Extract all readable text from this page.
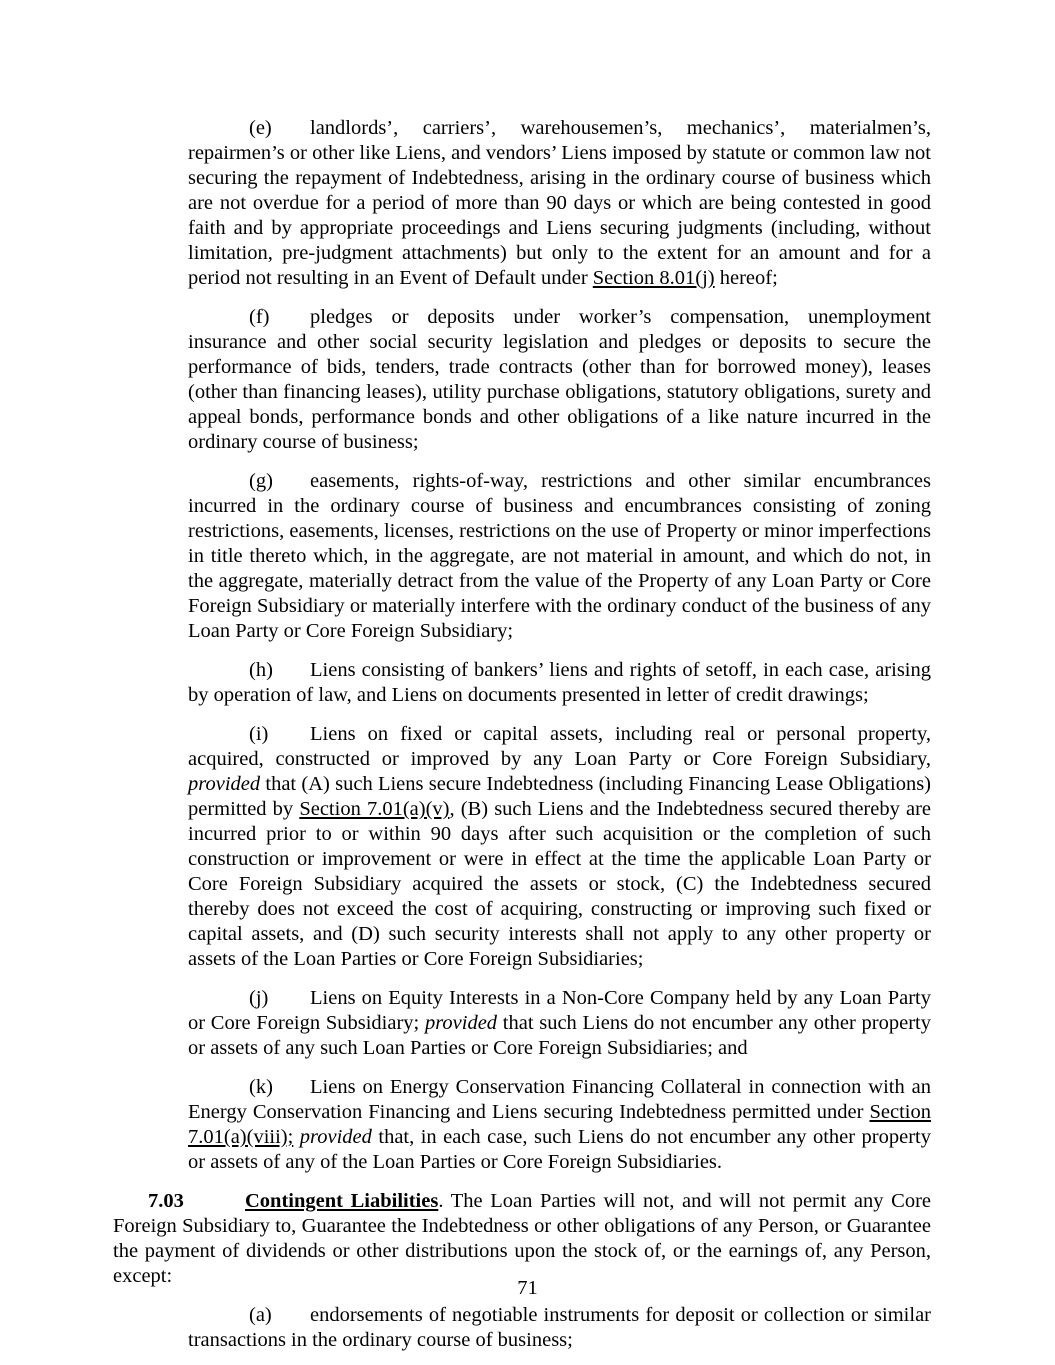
(e) landlords’, carriers’, warehousemen’s, mechanics’, materialmen’s, repairmen’s or other like Liens, and vendors’ Liens imposed by statute or common law not securing the repayment of Indebtedness, arising in the ordinary course of business which are not overdue for a period of more than 90 days or which are being contested in good faith and by appropriate proceedings and Liens securing judgments (including, without limitation, pre-judgment attachments) but only to the extent for an amount and for a period not resulting in an Event of Default under Section 8.01(j) hereof;

(f) pledges or deposits under worker’s compensation, unemployment insurance and other social security legislation and pledges or deposits to secure the performance of bids, tenders, trade contracts (other than for borrowed money), leases (other than financing leases), utility purchase obligations, statutory obligations, surety and appeal bonds, performance bonds and other obligations of a like nature incurred in the ordinary course of business;

(g) easements, rights-of-way, restrictions and other similar encumbrances incurred in the ordinary course of business and encumbrances consisting of zoning restrictions, easements, licenses, restrictions on the use of Property or minor imperfections in title thereto which, in the aggregate, are not material in amount, and which do not, in the aggregate, materially detract from the value of the Property of any Loan Party or Core Foreign Subsidiary or materially interfere with the ordinary conduct of the business of any Loan Party or Core Foreign Subsidiary;

(h) Liens consisting of bankers’ liens and rights of setoff, in each case, arising by operation of law, and Liens on documents presented in letter of credit drawings;

(i) Liens on fixed or capital assets, including real or personal property, acquired, constructed or improved by any Loan Party or Core Foreign Subsidiary, provided that (A) such Liens secure Indebtedness (including Financing Lease Obligations) permitted by Section 7.01(a)(v), (B) such Liens and the Indebtedness secured thereby are incurred prior to or within 90 days after such acquisition or the completion of such construction or improvement or were in effect at the time the applicable Loan Party or Core Foreign Subsidiary acquired the assets or stock, (C) the Indebtedness secured thereby does not exceed the cost of acquiring, constructing or improving such fixed or capital assets, and (D) such security interests shall not apply to any other property or assets of the Loan Parties or Core Foreign Subsidiaries;

(j) Liens on Equity Interests in a Non-Core Company held by any Loan Party or Core Foreign Subsidiary; provided that such Liens do not encumber any other property or assets of any such Loan Parties or Core Foreign Subsidiaries; and

(k) Liens on Energy Conservation Financing Collateral in connection with an Energy Conservation Financing and Liens securing Indebtedness permitted under Section 7.01(a)(viii); provided that, in each case, such Liens do not encumber any other property or assets of any of the Loan Parties or Core Foreign Subsidiaries.

7.03	Contingent Liabilities. The Loan Parties will not, and will not permit any Core Foreign Subsidiary to, Guarantee the Indebtedness or other obligations of any Person, or Guarantee the payment of dividends or other distributions upon the stock of, or the earnings of, any Person, except:

(a) endorsements of negotiable instruments for deposit or collection or similar transactions in the ordinary course of business;

71
